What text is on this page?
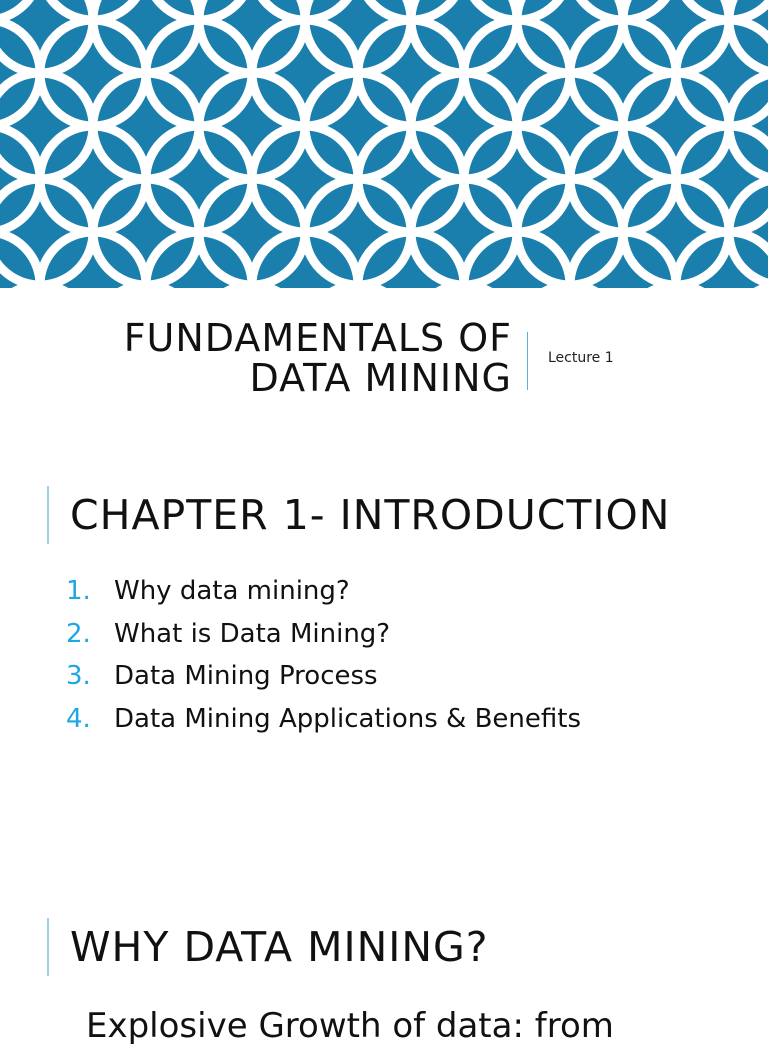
FUNDAMENTALS OF
DATA MINING	Lecture 1
CHAPTER 1- INTRODUCTION
1. Why data mining?
2. What is Data Mining?
3. Data Mining Process
4. Data Mining Applications & Benefits
WHY DATA MINING?
Explosive Growth of data: from
